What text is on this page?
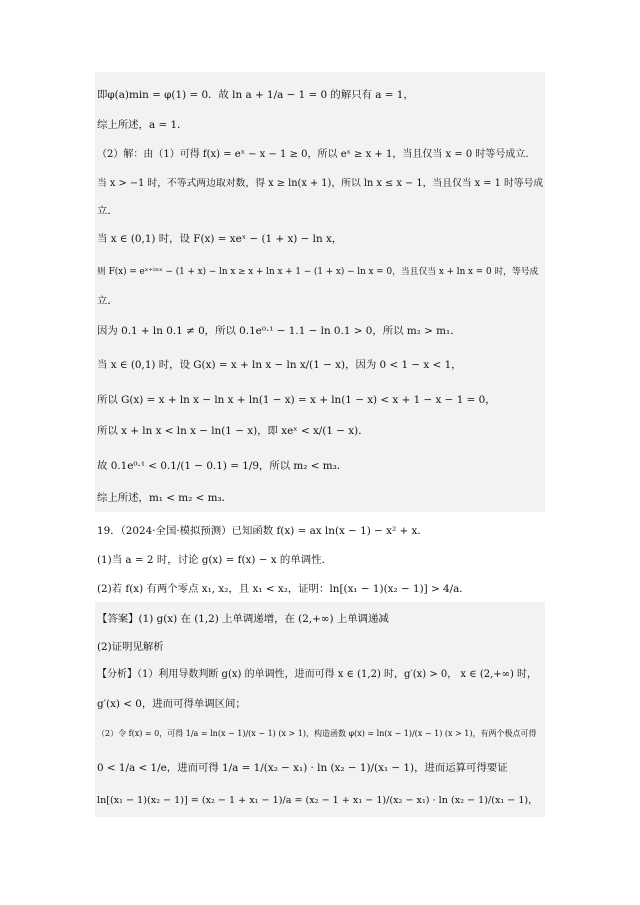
即φ(a)min = φ(1) = 0．故 ln a + 1/a − 1 = 0 的解只有 a = 1，
综上所述，a = 1．
（2）解：由（1）可得 f(x) = eˣ − x − 1 ≥ 0，所以 eˣ ≥ x + 1，当且仅当 x = 0 时等号成立．
当 x > −1 时，不等式两边取对数，得 x ≥ ln(x + 1)，所以 ln x ≤ x − 1，当且仅当 x = 1 时等号成
立．
当 x ∈ (0,1) 时，设 F(x) = xeˣ − (1 + x) − ln x，
则 F(x) = eˣ⁺ˡⁿˣ − (1 + x) − ln x ≥ x + ln x + 1 − (1 + x) − ln x = 0，当且仅当 x + ln x = 0 时，等号成
立．
因为 0.1 + ln 0.1 ≠ 0，所以 0.1e⁰·¹ − 1.1 − ln 0.1 > 0，所以 m₂ > m₁．
当 x ∈ (0,1) 时，设 G(x) = x + ln x − ln x/(1 − x)，因为 0 < 1 − x < 1，
所以 G(x) = x + ln x − ln x + ln(1 − x) = x + ln(1 − x) < x + 1 − x − 1 = 0，
所以 x + ln x < ln x − ln(1 − x)，即 xeˣ < x/(1 − x)．
故 0.1e⁰·¹ < 0.1/(1 − 0.1) = 1/9，所以 m₂ < m₃．
综上所述，m₁ < m₂ < m₃．
19．（2024·全国·模拟预测）已知函数 f(x) = ax ln(x − 1) − x² + x．
(1)当 a = 2 时，讨论 g(x) = f(x) − x 的单调性．
(2)若 f(x) 有两个零点 x₁, x₂，且 x₁ < x₂，证明：ln[(x₁ − 1)(x₂ − 1)] > 4/a．
【答案】(1) g(x) 在 (1,2) 上单调递增，在 (2,+∞) 上单调递减
(2)证明见解析
【分析】（1）利用导数判断 g(x) 的单调性，进而可得 x ∈ (1,2) 时，g′(x) > 0， x ∈ (2,+∞) 时，
g′(x) < 0，进而可得单调区间；
（2）令 f(x) = 0，可得 1/a = ln(x − 1)/(x − 1) (x > 1)，构造函数 φ(x) = ln(x − 1)/(x − 1) (x > 1)，有两个极点可得
0 < 1/a < 1/e，进而可得 1/a = 1/(x₂ − x₁) · ln (x₂ − 1)/(x₁ − 1)，进而运算可得要证
ln[(x₁ − 1)(x₂ − 1)] = (x₂ − 1 + x₁ − 1)/a = (x₂ − 1 + x₁ − 1)/(x₂ − x₁) · ln (x₂ − 1)/(x₁ − 1)，
